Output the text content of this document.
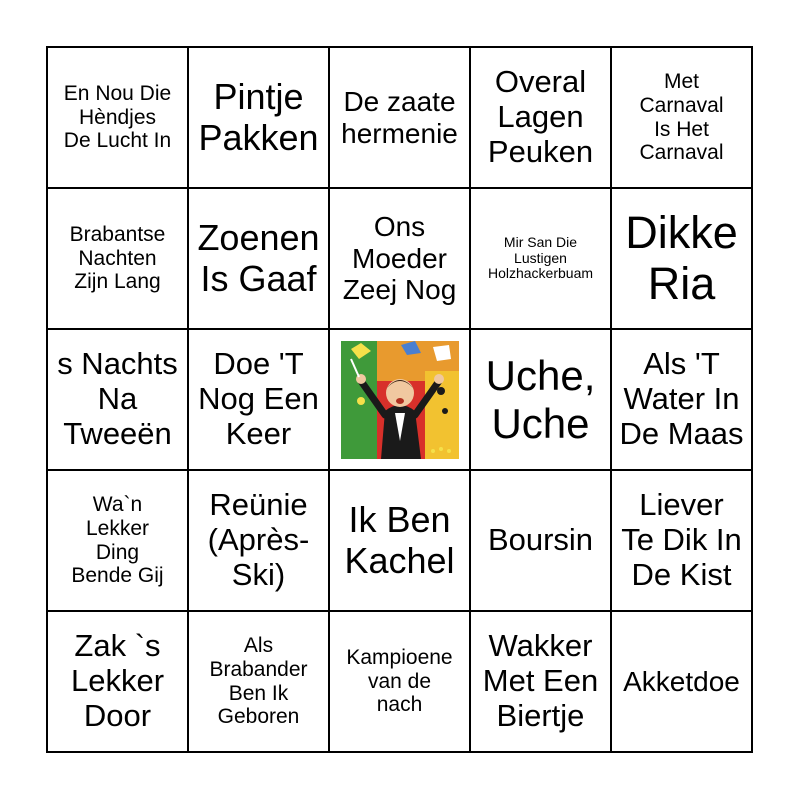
En Nou Die
Hèndjes
De Lucht In
Pintje
Pakken
De zaate
hermenie
Overal
Lagen
Peuken
Met
Carnaval
Is Het
Carnaval
Brabantse
Nachten
Zijn Lang
Zoenen
Is Gaaf
Ons
Moeder
Zeej Nog
Mir San Die
Lustigen
Holzhackerbuam
Dikke
Ria
s Nachts
Na
Tweeën
Doe 'T
Nog Een
Keer
Uche,
Uche
Als 'T
Water In
De Maas
Wa`n
Lekker
Ding
Bende Gij
Reünie
(Après-
Ski)
Ik Ben
Kachel Boursin
Liever
Te Dik In
De Kist
Zak `s
Lekker
Door
Als
Brabander
Ben Ik
Geboren
Kampioene
van de
nach
Wakker
Met Een
Biertje
Akketdoe
